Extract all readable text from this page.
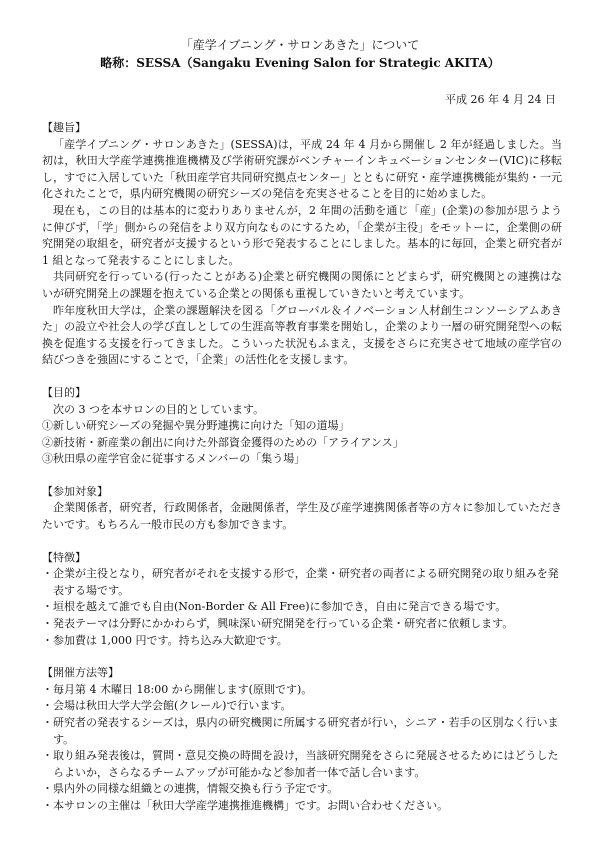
「産学イブニング・サロンあきた」について
略称：SESSA（Sangaku Evening Salon for Strategic AKITA）
平成 26 年 4 月 24 日

【趣旨】

「産学イブニング・サロンあきた」(SESSA)は，平成 24 年 4 月から開催し 2 年が経過しました。当初は，秋田大学産学連携推進機構及び学術研究課がベンチャーインキュベーションセンター(VIC)に移転し，すでに入居していた「秋田産学官共同研究拠点センター」とともに研究・産学連携機能が集約・一元化されたことで，県内研究機関の研究シーズの発信を充実させることを目的に始めました。

現在も，この目的は基本的に変わりありませんが，2 年間の活動を通じ「産」(企業)の参加が思うように伸びず，「学」側からの発信をより双方向なものにするため，「企業が主役」をモットーに，企業側の研究開発の取組を，研究者が支援するという形で発表することにしました。基本的に毎回，企業と研究者が 1 組となって発表することにしました。

共同研究を行っている(行ったことがある)企業と研究機関の関係にとどまらず，研究機関との連携はないが研究開発上の課題を抱えている企業との関係も重視していきたいと考えています。

昨年度秋田大学は，企業の課題解決を図る「グローバル＆イノベーション人材創生コンソーシアムあきた」の設立や社会人の学び直しとしての生涯高等教育事業を開始し，企業のより一層の研究開発型への転換を促進する支援を行ってきました。こういった状況もふまえ，支援をさらに充実させて地域の産学官の結びつきを強固にすることで，「企業」の活性化を支援します。

【目的】

次の 3 つを本サロンの目的としています。

①新しい研究シーズの発掘や異分野連携に向けた「知の道場」
②新技術・新産業の創出に向けた外部資金獲得のための「アライアンス」
③秋田県の産学官金に従事するメンバーの「集う場」

【参加対象】

企業関係者，研究者，行政関係者，金融関係者，学生及び産学連携関係者等の方々に参加していただきたいです。もちろん一般市民の方も参加できます。

【特徴】

・企業が主役となり，研究者がそれを支援する形で，企業・研究者の両者による研究開発の取り組みを発表する場です。
・垣根を越えて誰でも自由(Non-Border & All Free)に参加でき，自由に発言できる場です。
・発表テーマは分野にかかわらず，興味深い研究開発を行っている企業・研究者に依頼します。
・参加費は 1,000 円です。持ち込み大歓迎です。

【開催方法等】

・毎月第 4 木曜日 18:00 から開催します(原則です)。
・会場は秋田大学大学会館(クレール)で行います。
・研究者の発表するシーズは，県内の研究機関に所属する研究者が行い，シニア・若手の区別なく行います。
・取り組み発表後は，質問・意見交換の時間を設け，当該研究開発をさらに発展させるためにはどうしたらよいか，さらなるチームアップが可能かなど参加者一体で話し合います。
・県内外の同様な組織との連携，情報交換も行う予定です。
・本サロンの主催は「秋田大学産学連携推進機構」です。お問い合わせください。
